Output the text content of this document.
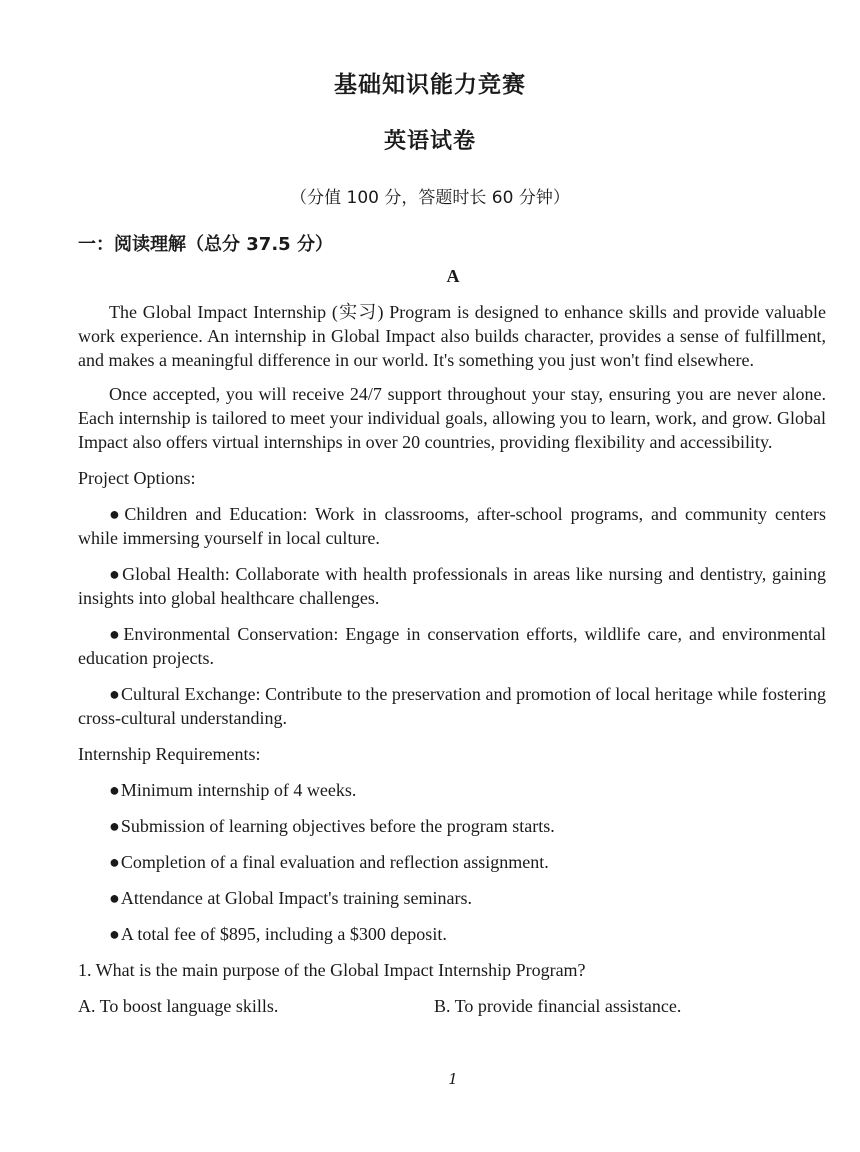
基础知识能力竞赛
英语试卷
（分值 100 分，答题时长 60 分钟）
一：阅读理解（总分 37.5 分）
A

The Global Impact Internship (实习) Program is designed to enhance skills and provide valuable work experience. An internship in Global Impact also builds character, provides a sense of fulfillment, and makes a meaningful difference in our world. It's something you just won't find elsewhere.

Once accepted, you will receive 24/7 support throughout your stay, ensuring you are never alone. Each internship is tailored to meet your individual goals, allowing you to learn, work, and grow. Global Impact also offers virtual internships in over 20 countries, providing flexibility and accessibility.

Project Options:

●Children and Education: Work in classrooms, after-school programs, and community centers while immersing yourself in local culture.

●Global Health: Collaborate with health professionals in areas like nursing and dentistry, gaining insights into global healthcare challenges.

●Environmental Conservation: Engage in conservation efforts, wildlife care, and environmental education projects.

●Cultural Exchange: Contribute to the preservation and promotion of local heritage while fostering cross-cultural understanding.

Internship Requirements:

●Minimum internship of 4 weeks.

●Submission of learning objectives before the program starts.

●Completion of a final evaluation and reflection assignment.

●Attendance at Global Impact's training seminars.

●A total fee of $895, including a $300 deposit.

1. What is the main purpose of the Global Impact Internship Program?

A. To boost language skills.	B. To provide financial assistance.
1
